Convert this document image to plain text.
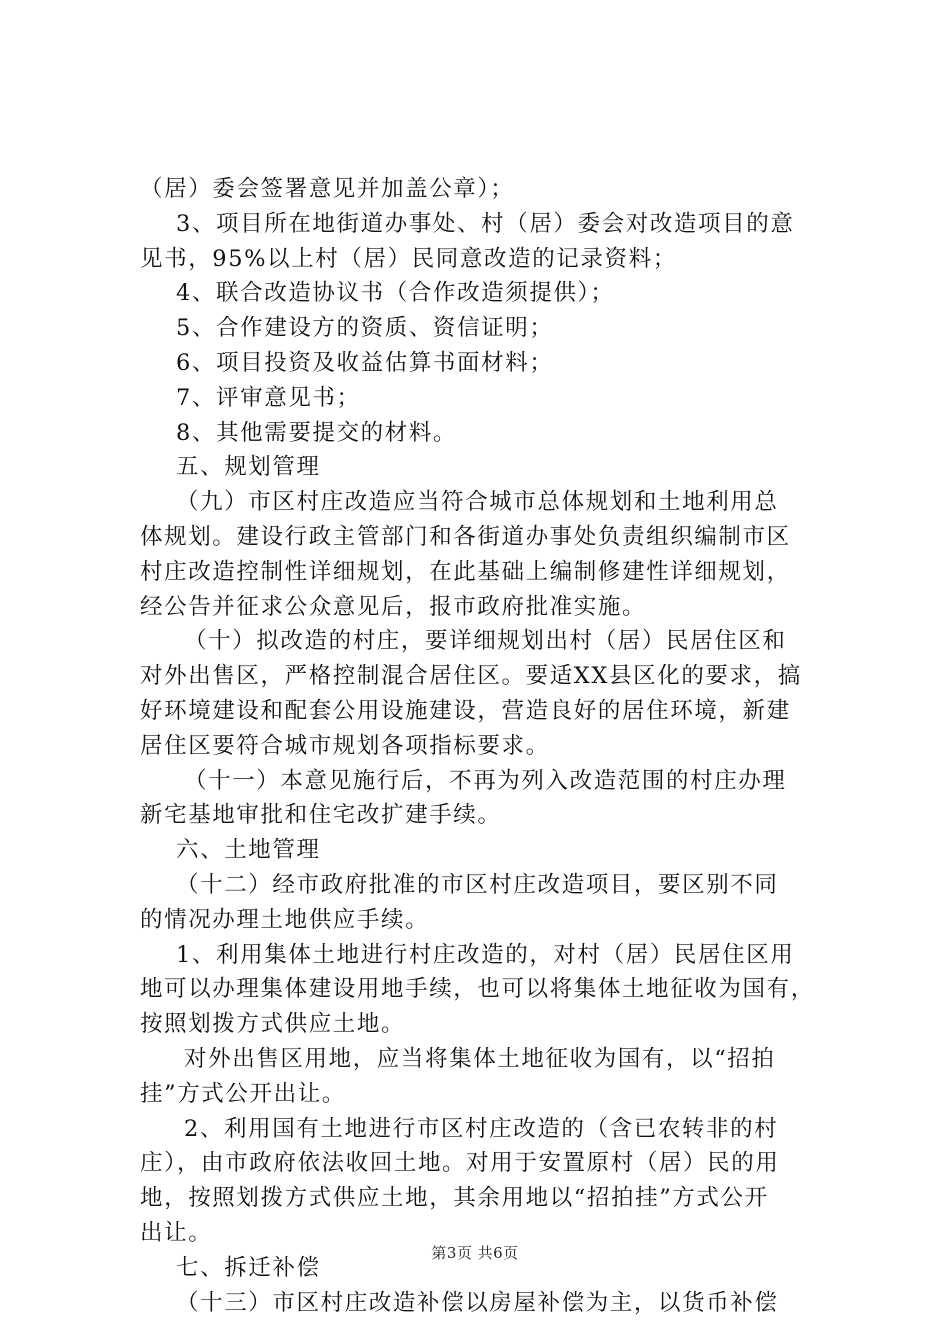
（居）委会签署意见并加盖公章）；
3、项目所在地街道办事处、村（居）委会对改造项目的意
见书，95%以上村（居）民同意改造的记录资料；
4、联合改造协议书（合作改造须提供）；
5、合作建设方的资质、资信证明；
6、项目投资及收益估算书面材料；
7、评审意见书；
8、其他需要提交的材料。
五、规划管理
（九）市区村庄改造应当符合城市总体规划和土地利用总
体规划。建设行政主管部门和各街道办事处负责组织编制市区
村庄改造控制性详细规划，在此基础上编制修建性详细规划，
经公告并征求公众意见后，报市政府批准实施。
（十）拟改造的村庄，要详细规划出村（居）民居住区和
对外出售区，严格控制混合居住区。要适XX县区化的要求，搞
好环境建设和配套公用设施建设，营造良好的居住环境，新建
居住区要符合城市规划各项指标要求。
（十一）本意见施行后，不再为列入改造范围的村庄办理
新宅基地审批和住宅改扩建手续。
六、土地管理
（十二）经市政府批准的市区村庄改造项目，要区别不同
的情况办理土地供应手续。
1、利用集体土地进行村庄改造的，对村（居）民居住区用
地可以办理集体建设用地手续，也可以将集体土地征收为国有，
按照划拨方式供应土地。
对外出售区用地，应当将集体土地征收为国有，以“招拍
挂”方式公开出让。
2、利用国有土地进行市区村庄改造的（含已农转非的村
庄），由市政府依法收回土地。对用于安置原村（居）民的用
地，按照划拨方式供应土地，其余用地以“招拍挂”方式公开
出让。
七、拆迁补偿
（十三）市区村庄改造补偿以房屋补偿为主，以货币补偿
第3页 共6页
